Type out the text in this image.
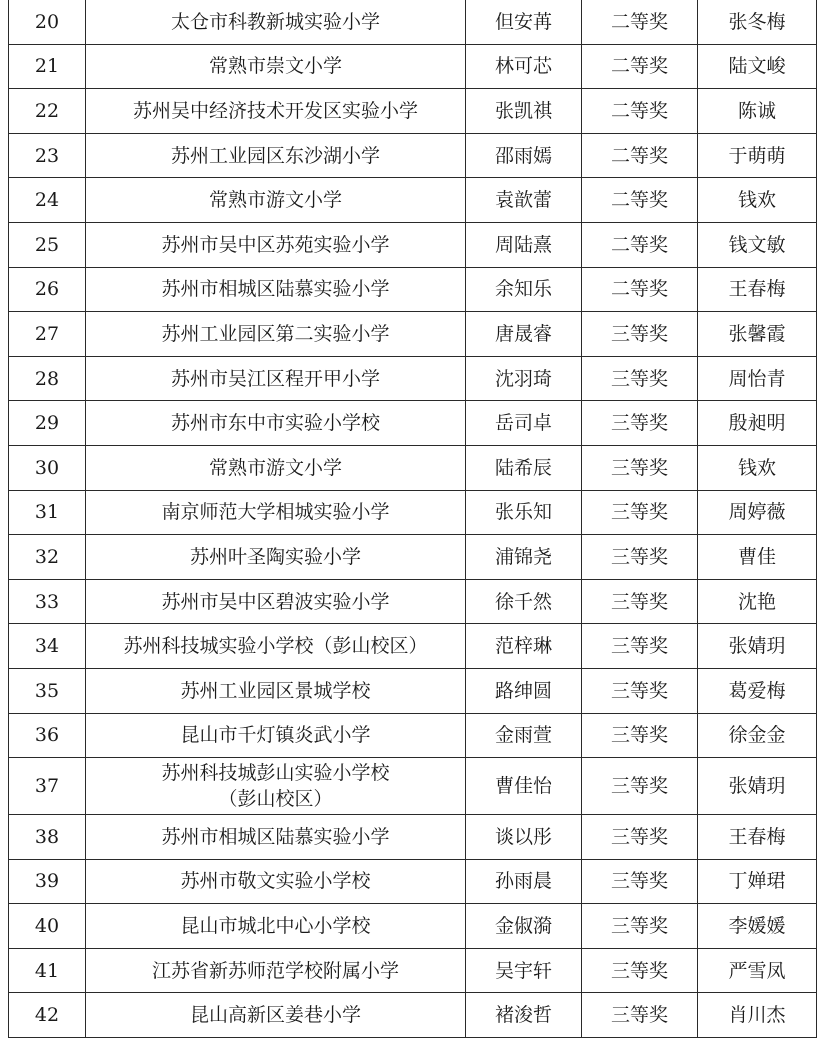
20	太仓市科教新城实验小学	但安苒	二等奖	张冬梅
21	常熟市崇文小学	林可芯	二等奖	陆文峻
22	苏州吴中经济技术开发区实验小学	张凯祺	二等奖	陈诚
23	苏州工业园区东沙湖小学	邵雨嫣	二等奖	于萌萌
24	常熟市游文小学	袁歆蕾	二等奖	钱欢
25	苏州市吴中区苏苑实验小学	周陆熹	二等奖	钱文敏
26	苏州市相城区陆慕实验小学	余知乐	二等奖	王春梅
27	苏州工业园区第二实验小学	唐晟睿	三等奖	张馨霞
28	苏州市吴江区程开甲小学	沈羽琦	三等奖	周怡青
29	苏州市东中市实验小学校	岳司卓	三等奖	殷昶明
30	常熟市游文小学	陆希辰	三等奖	钱欢
31	南京师范大学相城实验小学	张乐知	三等奖	周婷薇
32	苏州叶圣陶实验小学	浦锦尧	三等奖	曹佳
33	苏州市吴中区碧波实验小学	徐千然	三等奖	沈艳
34	苏州科技城实验小学校（彭山校区）	范梓琳	三等奖	张婧玥
35	苏州工业园区景城学校	路绅圆	三等奖	葛爱梅
36	昆山市千灯镇炎武小学	金雨萱	三等奖	徐金金
37	苏州科技城彭山实验小学校
（彭山校区）	曹佳怡	三等奖	张婧玥
38	苏州市相城区陆慕实验小学	谈以彤	三等奖	王春梅
39	苏州市敬文实验小学校	孙雨晨	三等奖	丁婵珺
40	昆山市城北中心小学校	金俶漪	三等奖	李媛媛
41	江苏省新苏师范学校附属小学	吴宇轩	三等奖	严雪凤
42	昆山高新区姜巷小学	褚浚哲	三等奖	肖川杰
